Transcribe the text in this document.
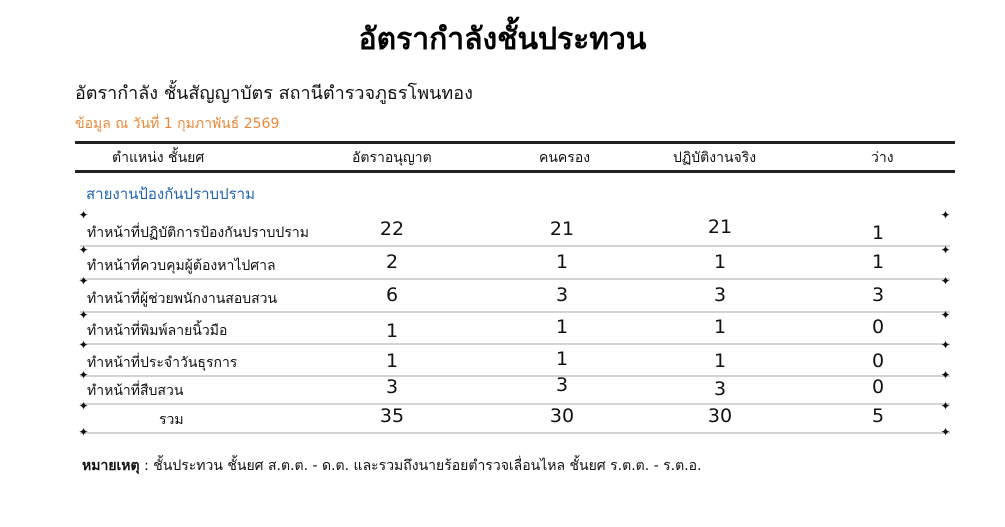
อัตรากำลังชั้นประทวน
อัตรากำลัง ชั้นสัญญาบัตร สถานีตำรวจภูธรโพนทอง
ข้อมูล ณ วันที่ 1 กุมภาพันธ์ 2569
ตำแหน่ง ชั้นยศ	อัตราอนุญาต	คนครอง	ปฏิบัติงานจริง	ว่าง
สายงานป้องกันปราบปราม
ทำหน้าที่ปฏิบัติการป้องกันปราบปราม	22	21	21	1
ทำหน้าที่ควบคุมผู้ต้องหาไปศาล	2	1	1	1
ทำหน้าที่ผู้ช่วยพนักงานสอบสวน	6	3	3	3
ทำหน้าที่พิมพ์ลายนิ้วมือ	1	1	1	0
ทำหน้าที่ประจำวันธุรการ	1	1	1	0
ทำหน้าที่สืบสวน	3	3	3	0
รวม	35	30	30	5
✦	✦
✦	✦
✦	✦
✦	✦
✦	✦
✦	✦
✦	✦
✦	✦
หมายเหตุ : ชั้นประทวน ชั้นยศ ส.ต.ต. - ด.ต. และรวมถึงนายร้อยตำรวจเลื่อนไหล ชั้นยศ ร.ต.ต. - ร.ต.อ.
